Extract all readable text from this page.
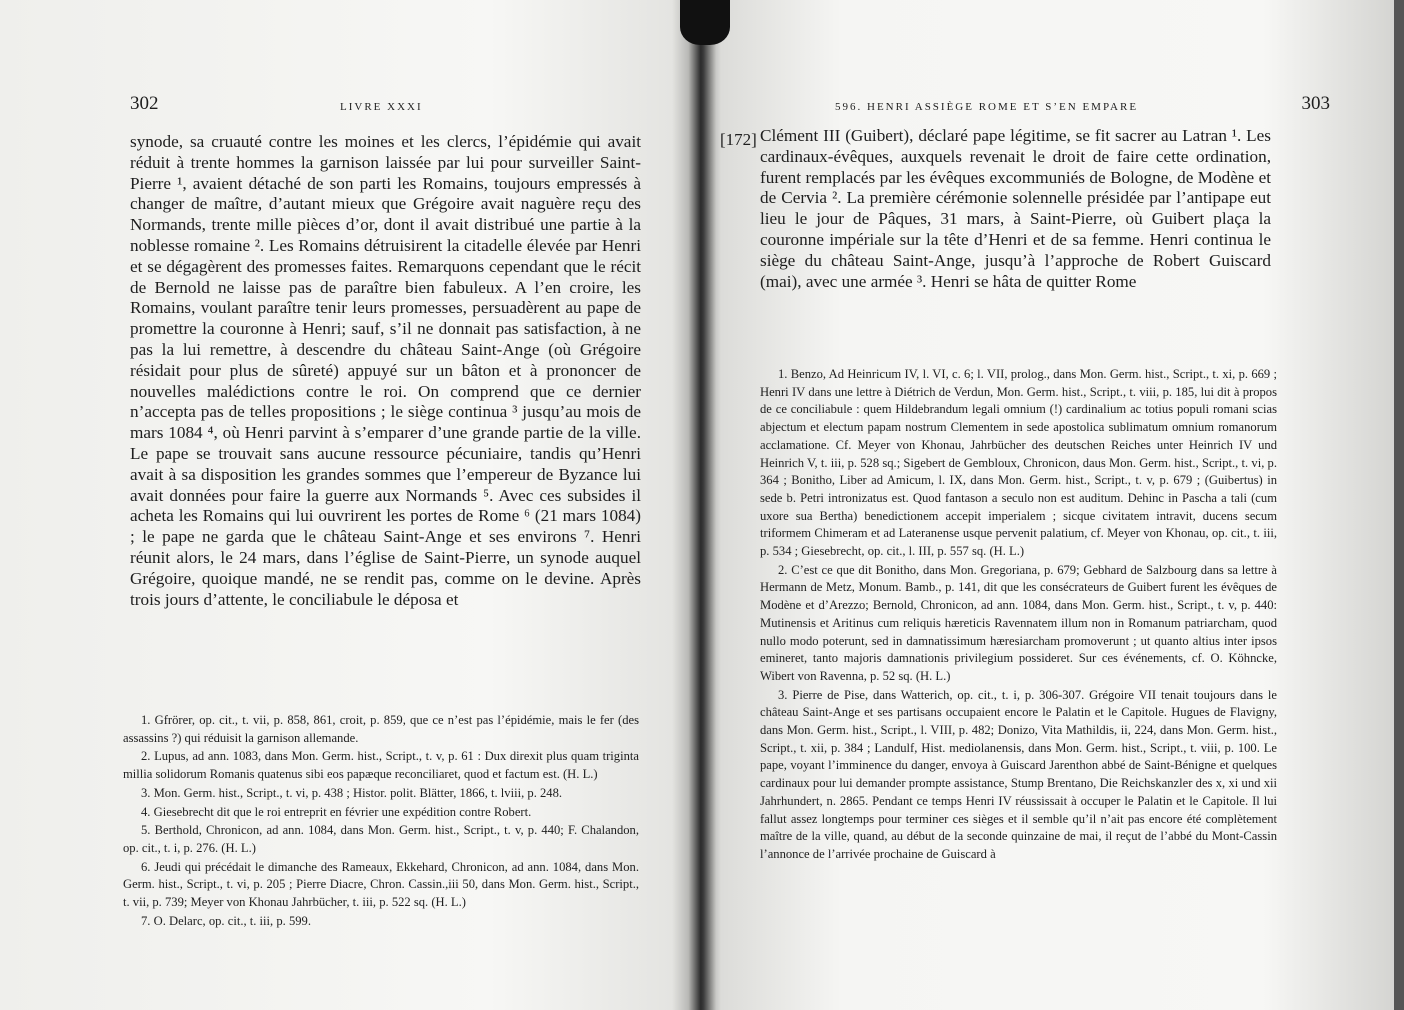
302	LIVRE XXXI

synode, sa cruauté contre les moines et les clercs, l’épidémie qui avait réduit à trente hommes la garnison laissée par lui pour surveiller Saint-Pierre ¹, avaient détaché de son parti les Romains, toujours empressés à changer de maître, d’autant mieux que Grégoire avait naguère reçu des Normands, trente mille pièces d’or, dont il avait distribué une partie à la noblesse romaine ². Les Romains détruisirent la citadelle élevée par Henri et se dégagèrent des promesses faites. Remarquons cependant que le récit de Bernold ne laisse pas de paraître bien fabuleux. A l’en croire, les Romains, voulant paraître tenir leurs promesses, persuadèrent au pape de promettre la couronne à Henri; sauf, s’il ne donnait pas satisfaction, à ne pas la lui remettre, à descendre du château Saint-Ange (où Grégoire résidait pour plus de sûreté) appuyé sur un bâton et à prononcer de nouvelles malédictions contre le roi. On comprend que ce dernier n’accepta pas de telles propositions ; le siège continua ³ jusqu’au mois de mars 1084 ⁴, où Henri parvint à s’emparer d’une grande partie de la ville. Le pape se trouvait sans aucune ressource pécuniaire, tandis qu’Henri avait à sa disposition les grandes sommes que l’empereur de Byzance lui avait données pour faire la guerre aux Normands ⁵. Avec ces subsides il acheta les Romains qui lui ouvrirent les portes de Rome ⁶ (21 mars 1084) ; le pape ne garda que le château Saint-Ange et ses environs ⁷. Henri réunit alors, le 24 mars, dans l’église de Saint-Pierre, un synode auquel Grégoire, quoique mandé, ne se rendit pas, comme on le devine. Après trois jours d’attente, le conciliabule le déposa et

1. Gfrörer, op. cit., t. vii, p. 858, 861, croit, p. 859, que ce n’est pas l’épidémie, mais le fer (des assassins ?) qui réduisit la garnison allemande.

2. Lupus, ad ann. 1083, dans Mon. Germ. hist., Script., t. v, p. 61 : Dux direxit plus quam triginta millia solidorum Romanis quatenus sibi eos papæque reconciliaret, quod et factum est. (H. L.)

3. Mon. Germ. hist., Script., t. vi, p. 438 ; Histor. polit. Blätter, 1866, t. lviii, p. 248.

4. Giesebrecht dit que le roi entreprit en février une expédition contre Robert.

5. Berthold, Chronicon, ad ann. 1084, dans Mon. Germ. hist., Script., t. v, p. 440; F. Chalandon, op. cit., t. i, p. 276. (H. L.)

6. Jeudi qui précédait le dimanche des Rameaux, Ekkehard, Chronicon, ad ann. 1084, dans Mon. Germ. hist., Script., t. vi, p. 205 ; Pierre Diacre, Chron. Cassin.,iii 50, dans Mon. Germ. hist., Script., t. vii, p. 739; Meyer von Khonau Jahrbücher, t. iii, p. 522 sq. (H. L.)

7. O. Delarc, op. cit., t. iii, p. 599.

596. HENRI ASSIÈGE ROME ET S’EN EMPARE	303
[172] Clément III (Guibert), déclaré pape légitime, se fit sacrer au Latran ¹. Les cardinaux-évêques, auxquels revenait le droit de faire cette ordination, furent remplacés par les évêques excommuniés de Bologne, de Modène et de Cervia ². La première cérémonie solennelle présidée par l’antipape eut lieu le jour de Pâques, 31 mars, à Saint-Pierre, où Guibert plaça la couronne impériale sur la tête d’Henri et de sa femme. Henri continua le siège du château Saint-Ange, jusqu’à l’approche de Robert Guiscard (mai), avec une armée ³. Henri se hâta de quitter Rome

1. Benzo, Ad Heinricum IV, l. VI, c. 6; l. VII, prolog., dans Mon. Germ. hist., Script., t. xi, p. 669 ; Henri IV dans une lettre à Diétrich de Verdun, Mon. Germ. hist., Script., t. viii, p. 185, lui dit à propos de ce conciliabule : quem Hildebrandum legali omnium (!) cardinalium ac totius populi romani scias abjectum et electum papam nostrum Clementem in sede apostolica sublimatum omnium romanorum acclamatione. Cf. Meyer von Khonau, Jahrbücher des deutschen Reiches unter Heinrich IV und Heinrich V, t. iii, p. 528 sq.; Sigebert de Gembloux, Chronicon, daus Mon. Germ. hist., Script., t. vi, p. 364 ; Bonitho, Liber ad Amicum, l. IX, dans Mon. Germ. hist., Script., t. v, p. 679 ; (Guibertus) in sede b. Petri intronizatus est. Quod fantason a seculo non est auditum. Dehinc in Pascha a tali (cum uxore sua Bertha) benedictionem accepit imperialem ; sicque civitatem intravit, ducens secum triformem Chimeram et ad Lateranense usque pervenit palatium, cf. Meyer von Khonau, op. cit., t. iii, p. 534 ; Giesebrecht, op. cit., l. III, p. 557 sq. (H. L.)

2. C’est ce que dit Bonitho, dans Mon. Gregoriana, p. 679; Gebhard de Salzbourg dans sa lettre à Hermann de Metz, Monum. Bamb., p. 141, dit que les consécrateurs de Guibert furent les évêques de Modène et d’Arezzo; Bernold, Chronicon, ad ann. 1084, dans Mon. Germ. hist., Script., t. v, p. 440: Mutinensis et Aritinus cum reliquis hæreticis Ravennatem illum non in Romanum patriarcham, quod nullo modo poterunt, sed in damnatissimum hæresiarcham promoverunt ; ut quanto altius inter ipsos emineret, tanto majoris damnationis privilegium possideret. Sur ces événements, cf. O. Köhncke, Wibert von Ravenna, p. 52 sq. (H. L.)

3. Pierre de Pise, dans Watterich, op. cit., t. i, p. 306-307. Grégoire VII tenait toujours dans le château Saint-Ange et ses partisans occupaient encore le Palatin et le Capitole. Hugues de Flavigny, dans Mon. Germ. hist., Script., l. VIII, p. 482; Donizo, Vita Mathildis, ii, 224, dans Mon. Germ. hist., Script., t. xii, p. 384 ; Landulf, Hist. mediolanensis, dans Mon. Germ. hist., Script., t. viii, p. 100. Le pape, voyant l’imminence du danger, envoya à Guiscard Jarenthon abbé de Saint-Bénigne et quelques cardinaux pour lui demander prompte assistance, Stump Brentano, Die Reichskanzler des x, xi und xii Jahrhundert, n. 2865. Pendant ce temps Henri IV réussissait à occuper le Palatin et le Capitole. Il lui fallut assez longtemps pour terminer ces sièges et il semble qu’il n’ait pas encore été complètement maître de la ville, quand, au début de la seconde quinzaine de mai, il reçut de l’abbé du Mont-Cassin l’annonce de l’arrivée prochaine de Guiscard à
